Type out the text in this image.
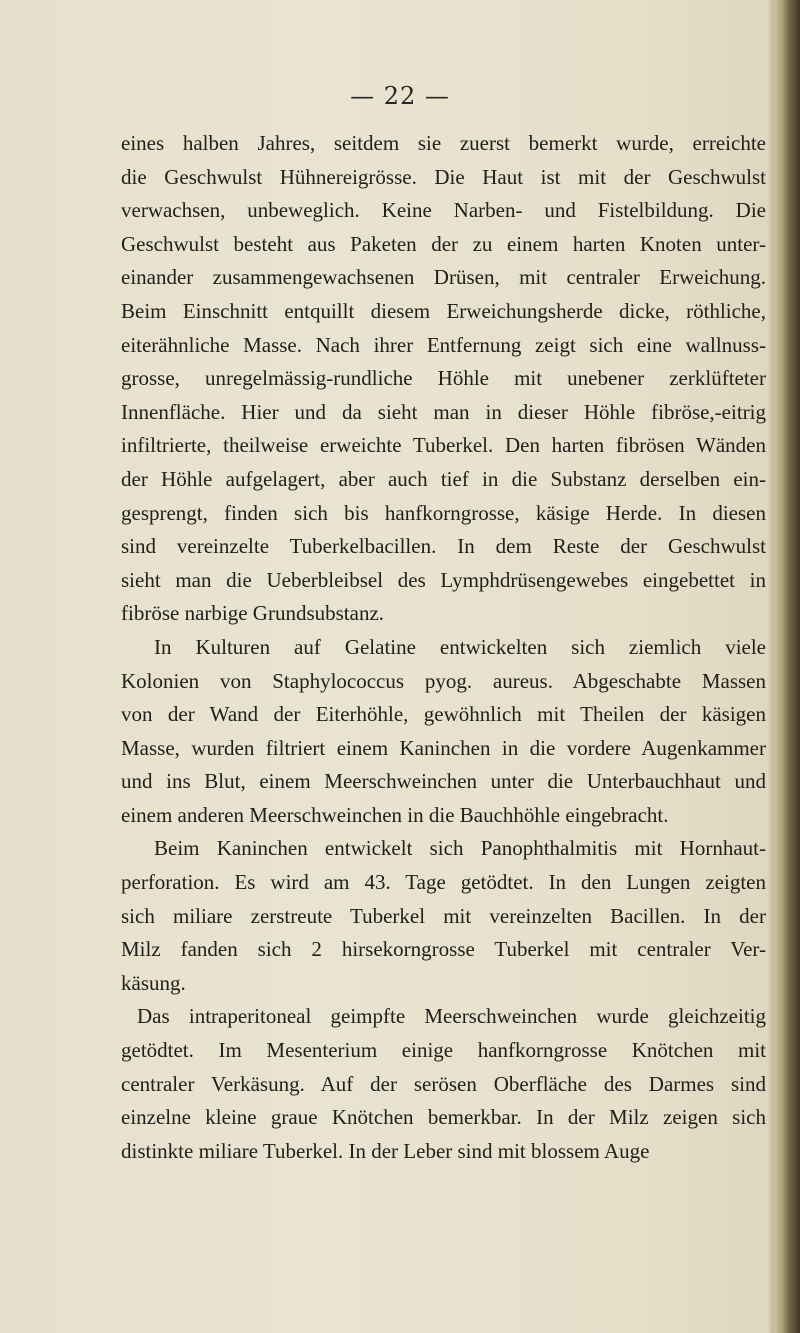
— 22 —
eines halben Jahres, seitdem sie zuerst bemerkt wurde, erreichte
die Geschwulst Hühnereigrösse. Die Haut ist mit der Geschwulst
verwachsen, unbeweglich. Keine Narben- und Fistelbildung. Die
Geschwulst besteht aus Paketen der zu einem harten Knoten unter-
einander zusammengewachsenen Drüsen, mit centraler Erweichung.
Beim Einschnitt entquillt diesem Erweichungsherde dicke, röthliche,
eiterähnliche Masse. Nach ihrer Entfernung zeigt sich eine wallnuss-
grosse, unregelmässig-rundliche Höhle mit unebener zerklüfteter
Innenfläche. Hier und da sieht man in dieser Höhle fibröse,-eitrig
infiltrierte, theilweise erweichte Tuberkel. Den harten fibrösen Wänden
der Höhle aufgelagert, aber auch tief in die Substanz derselben ein-
gesprengt, finden sich bis hanfkorngrosse, käsige Herde. In diesen
sind vereinzelte Tuberkelbacillen. In dem Reste der Geschwulst
sieht man die Ueberbleibsel des Lymphdrüsengewebes eingebettet in
fibröse narbige Grundsubstanz.
In Kulturen auf Gelatine entwickelten sich ziemlich viele
Kolonien von Staphylococcus pyog. aureus. Abgeschabte Massen
von der Wand der Eiterhöhle, gewöhnlich mit Theilen der käsigen
Masse, wurden filtriert einem Kaninchen in die vordere Augenkammer
und ins Blut, einem Meerschweinchen unter die Unterbauchhaut und
einem anderen Meerschweinchen in die Bauchhöhle eingebracht.
Beim Kaninchen entwickelt sich Panophthalmitis mit Hornhaut-
perforation. Es wird am 43. Tage getödtet. In den Lungen zeigten
sich miliare zerstreute Tuberkel mit vereinzelten Bacillen. In der
Milz fanden sich 2 hirsekorngrosse Tuberkel mit centraler Ver-
käsung.
Das intraperitoneal geimpfte Meerschweinchen wurde gleichzeitig
getödtet. Im Mesenterium einige hanfkorngrosse Knötchen mit
centraler Verkäsung. Auf der serösen Oberfläche des Darmes sind
einzelne kleine graue Knötchen bemerkbar. In der Milz zeigen sich
distinkte miliare Tuberkel. In der Leber sind mit blossem Auge
